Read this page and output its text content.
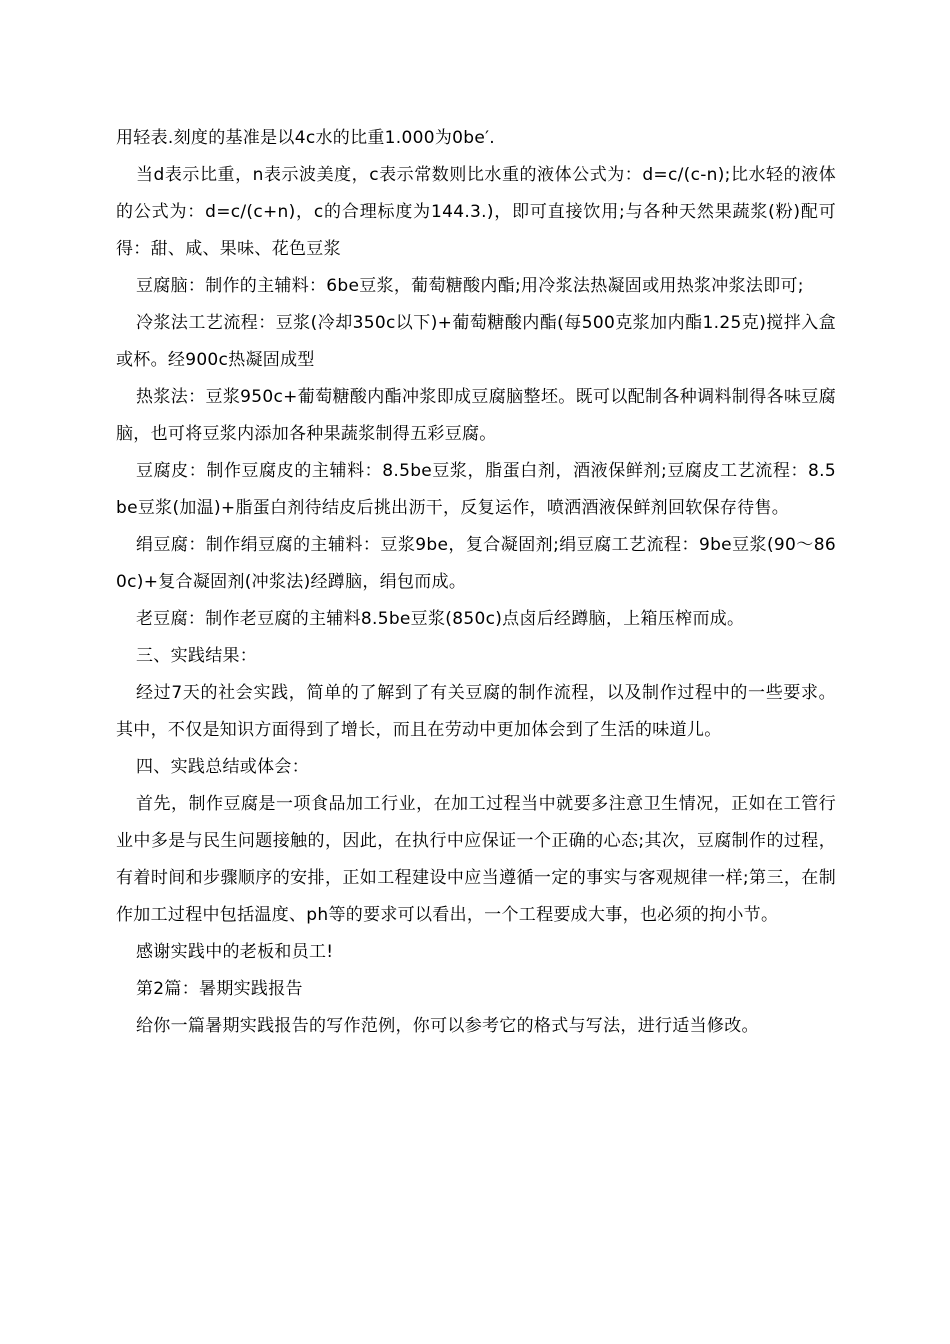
用轻表.刻度的基准是以4c水的比重1.000为0be′.

当d表示比重，n表示波美度，c表示常数则比水重的液体公式为：d=c/(c-n);比水轻的液体的公式为：d=c/(c+n)，c的合理标度为144.3.)，即可直接饮用;与各种天然果蔬浆(粉)配可得：甜、咸、果味、花色豆浆

豆腐脑：制作的主辅料：6be豆浆，葡萄糖酸内酯;用冷浆法热凝固或用热浆冲浆法即可;

冷浆法工艺流程：豆浆(冷却350c以下)+葡萄糖酸内酯(每500克浆加内酯1.25克)搅拌入盒或杯。经900c热凝固成型

热浆法：豆浆950c+葡萄糖酸内酯冲浆即成豆腐脑整坯。既可以配制各种调料制得各味豆腐脑，也可将豆浆内添加各种果蔬浆制得五彩豆腐。

豆腐皮：制作豆腐皮的主辅料：8.5be豆浆，脂蛋白剂，酒液保鲜剂;豆腐皮工艺流程：8.5be豆浆(加温)+脂蛋白剂待结皮后挑出沥干，反复运作，喷洒酒液保鲜剂回软保存待售。

绢豆腐：制作绢豆腐的主辅料：豆浆9be，复合凝固剂;绢豆腐工艺流程：9be豆浆(90～860c)+复合凝固剂(冲浆法)经蹲脑，绢包而成。

老豆腐：制作老豆腐的主辅料8.5be豆浆(850c)点卤后经蹲脑，上箱压榨而成。

三、实践结果：

经过7天的社会实践，简单的了解到了有关豆腐的制作流程，以及制作过程中的一些要求。其中，不仅是知识方面得到了增长，而且在劳动中更加体会到了生活的味道儿。

四、实践总结或体会：

首先，制作豆腐是一项食品加工行业，在加工过程当中就要多注意卫生情况，正如在工管行业中多是与民生问题接触的，因此，在执行中应保证一个正确的心态;其次，豆腐制作的过程，有着时间和步骤顺序的安排，正如工程建设中应当遵循一定的事实与客观规律一样;第三，在制作加工过程中包括温度、ph等的要求可以看出，一个工程要成大事，也必须的拘小节。

感谢实践中的老板和员工!

第2篇：暑期实践报告

给你一篇暑期实践报告的写作范例，你可以参考它的格式与写法，进行适当修改。
